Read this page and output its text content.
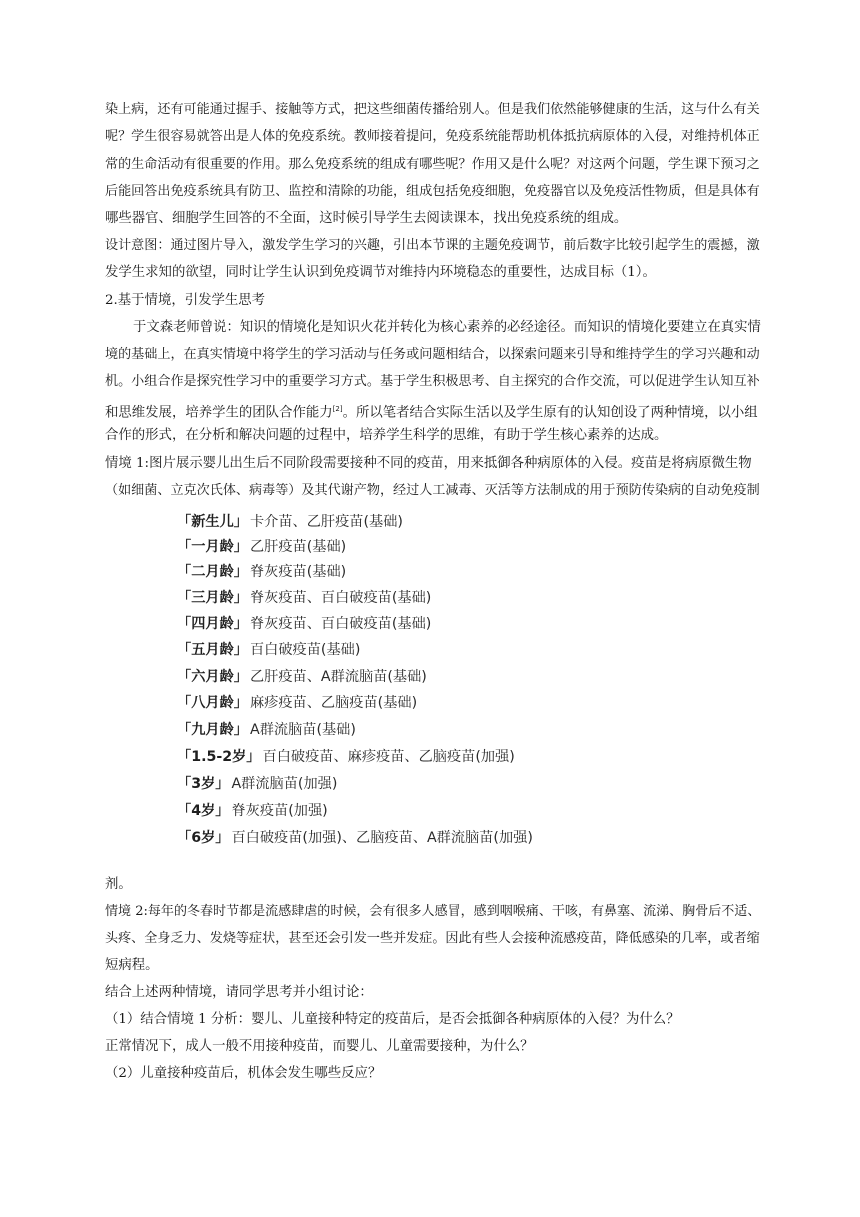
染上病，还有可能通过握手、接触等方式，把这些细菌传播给别人。但是我们依然能够健康的生活，这与什么有关
呢？学生很容易就答出是人体的免疫系统。教师接着提问，免疫系统能帮助机体抵抗病原体的入侵，对维持机体正
常的生命活动有很重要的作用。那么免疫系统的组成有哪些呢？作用又是什么呢？对这两个问题，学生课下预习之
后能回答出免疫系统具有防卫、监控和清除的功能，组成包括免疫细胞，免疫器官以及免疫活性物质，但是具体有
哪些器官、细胞学生回答的不全面，这时候引导学生去阅读课本，找出免疫系统的组成。
设计意图：通过图片导入，激发学生学习的兴趣，引出本节课的主题免疫调节，前后数字比较引起学生的震撼，激
发学生求知的欲望，同时让学生认识到免疫调节对维持内环境稳态的重要性，达成目标（1）。
2.基于情境，引发学生思考
于文森老师曾说：知识的情境化是知识火花并转化为核心素养的必经途径。而知识的情境化要建立在真实情
境的基础上，在真实情境中将学生的学习活动与任务或问题相结合，以探索问题来引导和维持学生的学习兴趣和动
机。小组合作是探究性学习中的重要学习方式。基于学生积极思考、自主探究的合作交流，可以促进学生认知互补
和思维发展，培养学生的团队合作能力[2]。所以笔者结合实际生活以及学生原有的认知创设了两种情境，以小组
合作的形式，在分析和解决问题的过程中，培养学生科学的思维，有助于学生核心素养的达成。
情境 1:图片展示婴儿出生后不同阶段需要接种不同的疫苗，用来抵御各种病原体的入侵。疫苗是将病原微生物
（如细菌、立克次氏体、病毒等）及其代谢产物，经过人工减毒、灭活等方法制成的用于预防传染病的自动免疫制
「新生儿」 卡介苗、乙肝疫苗(基础)
「一月龄」 乙肝疫苗(基础)
「二月龄」 脊灰疫苗(基础)
「三月龄」 脊灰疫苗、百白破疫苗(基础)
「四月龄」 脊灰疫苗、百白破疫苗(基础)
「五月龄」 百白破疫苗(基础)
「六月龄」 乙肝疫苗、A群流脑苗(基础)
「八月龄」 麻疹疫苗、乙脑疫苗(基础)
「九月龄」 A群流脑苗(基础)
「1.5-2岁」 百白破疫苗、麻疹疫苗、乙脑疫苗(加强)
「3岁」 A群流脑苗(加强)
「4岁」 脊灰疫苗(加强)
「6岁」 百白破疫苗(加强)、乙脑疫苗、A群流脑苗(加强)
剂。
情境 2:每年的冬春时节都是流感肆虐的时候，会有很多人感冒，感到咽喉痛、干咳，有鼻塞、流涕、胸骨后不适、
头疼、全身乏力、发烧等症状，甚至还会引发一些并发症。因此有些人会接种流感疫苗，降低感染的几率，或者缩
短病程。
结合上述两种情境，请同学思考并小组讨论：
（1）结合情境 1 分析：婴儿、儿童接种特定的疫苗后，是否会抵御各种病原体的入侵？为什么？
正常情况下，成人一般不用接种疫苗，而婴儿、儿童需要接种，为什么？
（2）儿童接种疫苗后，机体会发生哪些反应？
